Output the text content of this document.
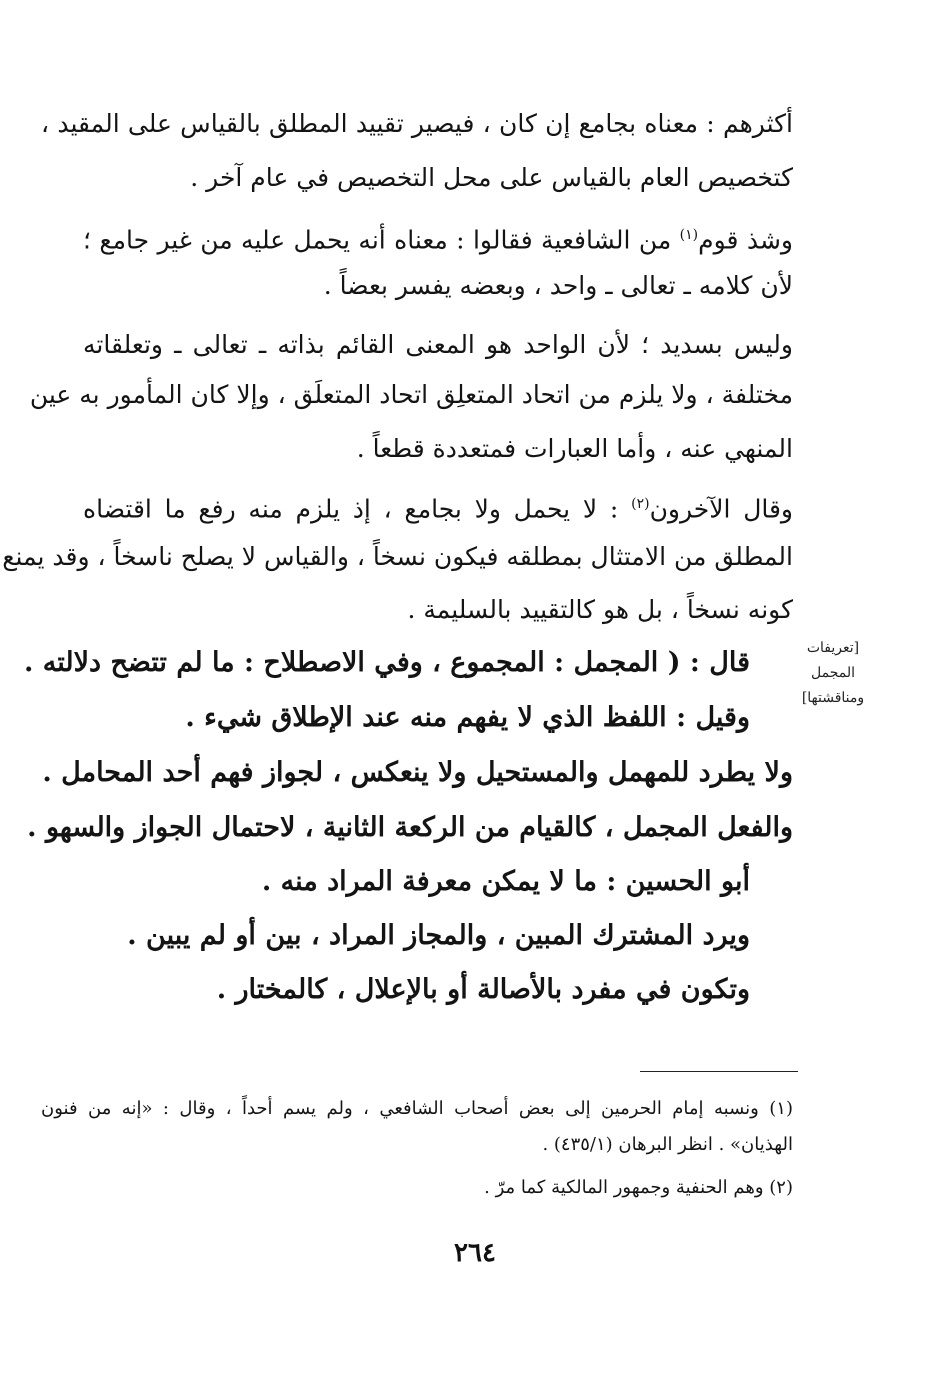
أكثرهم : معناه بجامع إن كان ، فيصير تقييد المطلق بالقياس على المقيد ،
كتخصيص العام بالقياس على محل التخصيص في عام آخر .
وشذ قوم$^{(١)}$ من الشافعية فقالوا : معناه أنه يحمل عليه من غير جامع ؛
لأن كلامه ـ تعالى ـ واحد ، وبعضه يفسر بعضاً .
وليس بسديد ؛ لأن الواحد هو المعنى القائم بذاته ـ تعالى ـ وتعلقاته
مختلفة ، ولا يلزم من اتحاد المتعلِق اتحاد المتعلَق ، وإلا كان المأمور به عين
المنهي عنه ، وأما العبارات فمتعددة قطعاً .
وقال الآخرون$^{(٢)}$ : لا يحمل ولا بجامع ، إذ يلزم منه رفع ما اقتضاه
المطلق من الامتثال بمطلقه فيكون نسخاً ، والقياس لا يصلح ناسخاً ، وقد يمنع
كونه نسخاً ، بل هو كالتقييد بالسليمة .
[تعريفات المجمل ومناقشتها]
قال : ( المجمل : المجموع ، وفي الاصطلاح : ما لم تتضح دلالته .
وقيل : اللفظ الذي لا يفهم منه عند الإطلاق شيء .
ولا يطرد للمهمل والمستحيل ولا ينعكس ، لجواز فهم أحد المحامل .
والفعل المجمل ، كالقيام من الركعة الثانية ، لاحتمال الجواز والسهو .
أبو الحسين : ما لا يمكن معرفة المراد منه .
ويرد المشترك المبين ، والمجاز المراد ، بين أو لم يبين .
وتكون في مفرد بالأصالة أو بالإعلال ، كالمختار .
(١) ونسبه إمام الحرمين إلى بعض أصحاب الشافعي ، ولم يسم أحداً ، وقال : «إنه من فنون
الهذيان» . انظر البرهان (٤٣٥/١) .
(٢) وهم الحنفية وجمهور المالكية كما مرّ .
٢٦٤
